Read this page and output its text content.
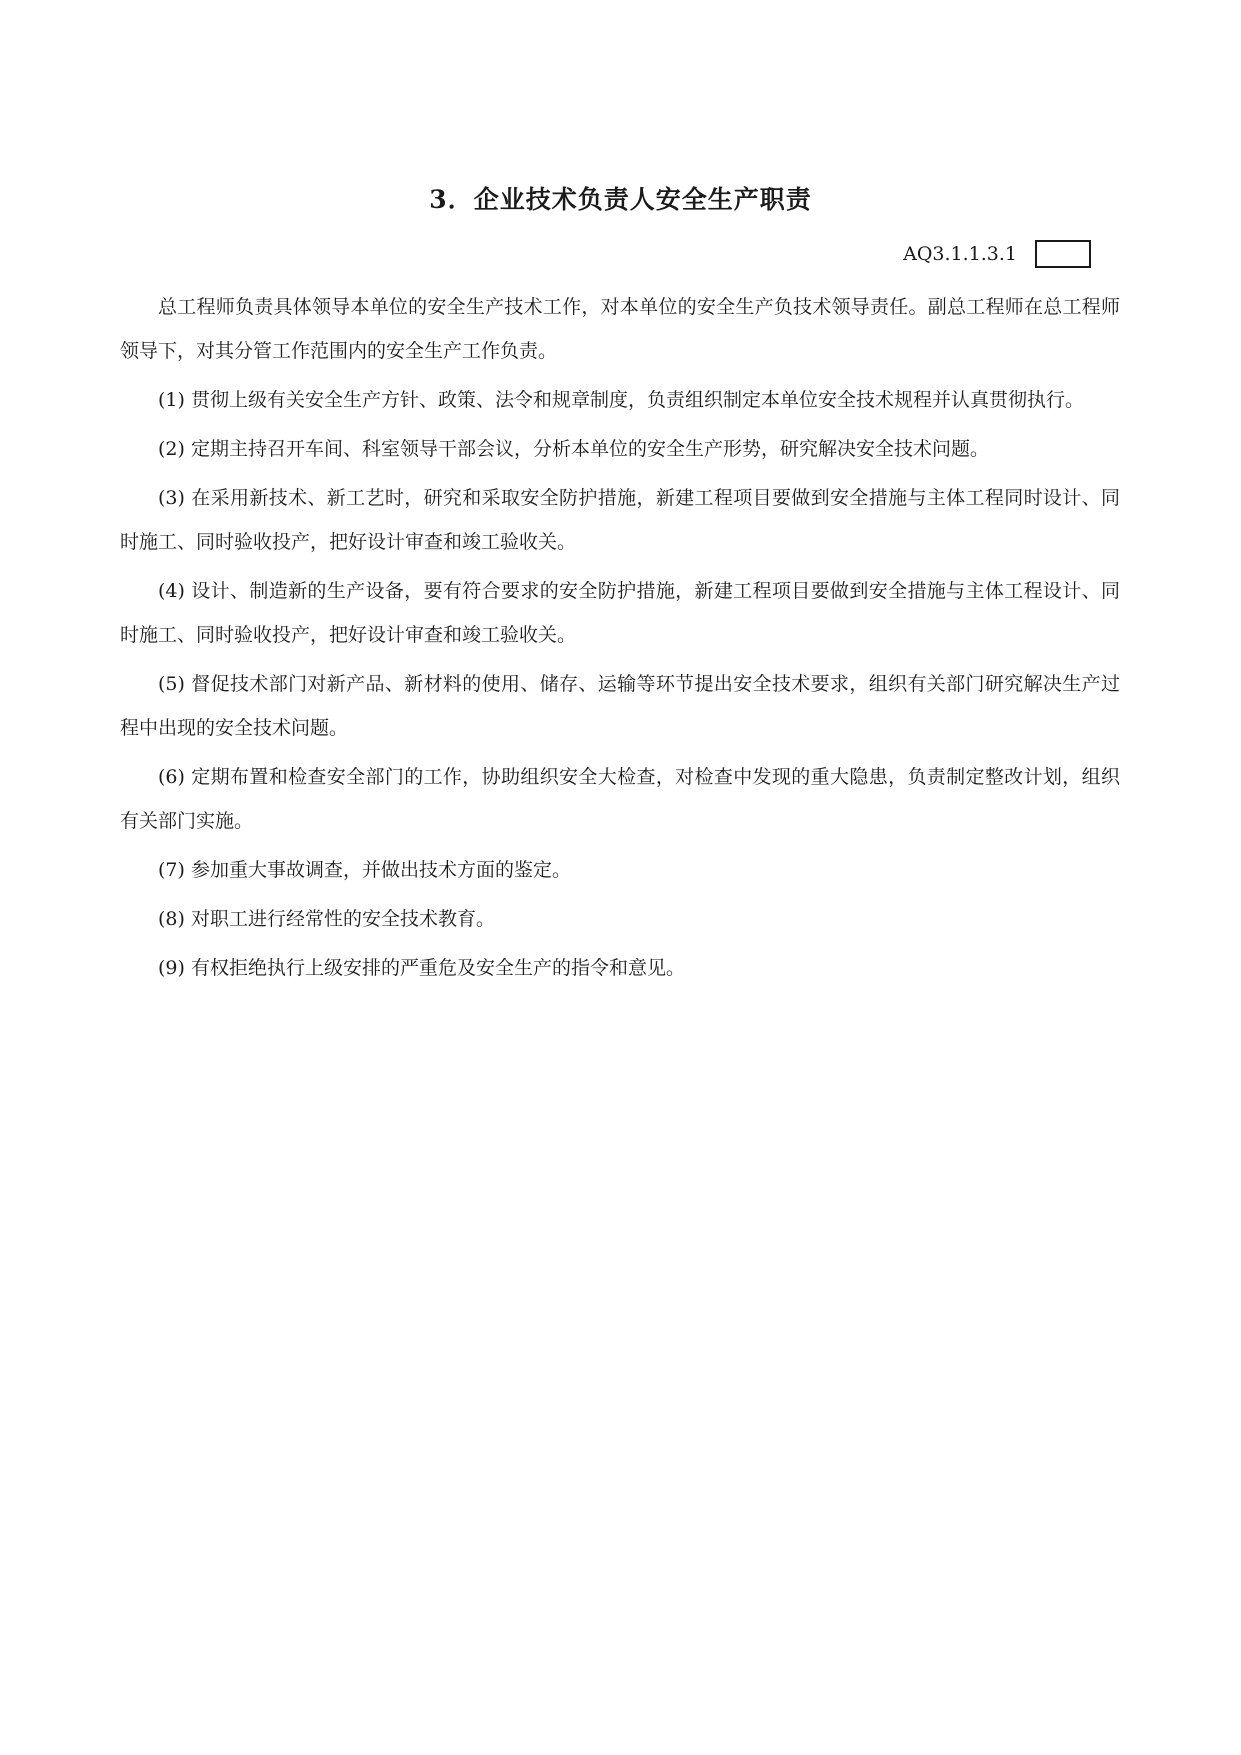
3．企业技术负责人安全生产职责
AQ3.1.1.3.1

总工程师负责具体领导本单位的安全生产技术工作，对本单位的安全生产负技术领导责任。副总工程师在总工程师领导下，对其分管工作范围内的安全生产工作负责。

(1) 贯彻上级有关安全生产方针、政策、法令和规章制度，负责组织制定本单位安全技术规程并认真贯彻执行。

(2) 定期主持召开车间、科室领导干部会议，分析本单位的安全生产形势，研究解决安全技术问题。

(3) 在采用新技术、新工艺时，研究和采取安全防护措施，新建工程项目要做到安全措施与主体工程同时设计、同时施工、同时验收投产，把好设计审查和竣工验收关。

(4) 设计、制造新的生产设备，要有符合要求的安全防护措施，新建工程项目要做到安全措施与主体工程设计、同时施工、同时验收投产，把好设计审查和竣工验收关。

(5) 督促技术部门对新产品、新材料的使用、储存、运输等环节提出安全技术要求，组织有关部门研究解决生产过程中出现的安全技术问题。

(6) 定期布置和检查安全部门的工作，协助组织安全大检查，对检查中发现的重大隐患，负责制定整改计划，组织有关部门实施。

(7) 参加重大事故调查，并做出技术方面的鉴定。

(8) 对职工进行经常性的安全技术教育。

(9) 有权拒绝执行上级安排的严重危及安全生产的指令和意见。
